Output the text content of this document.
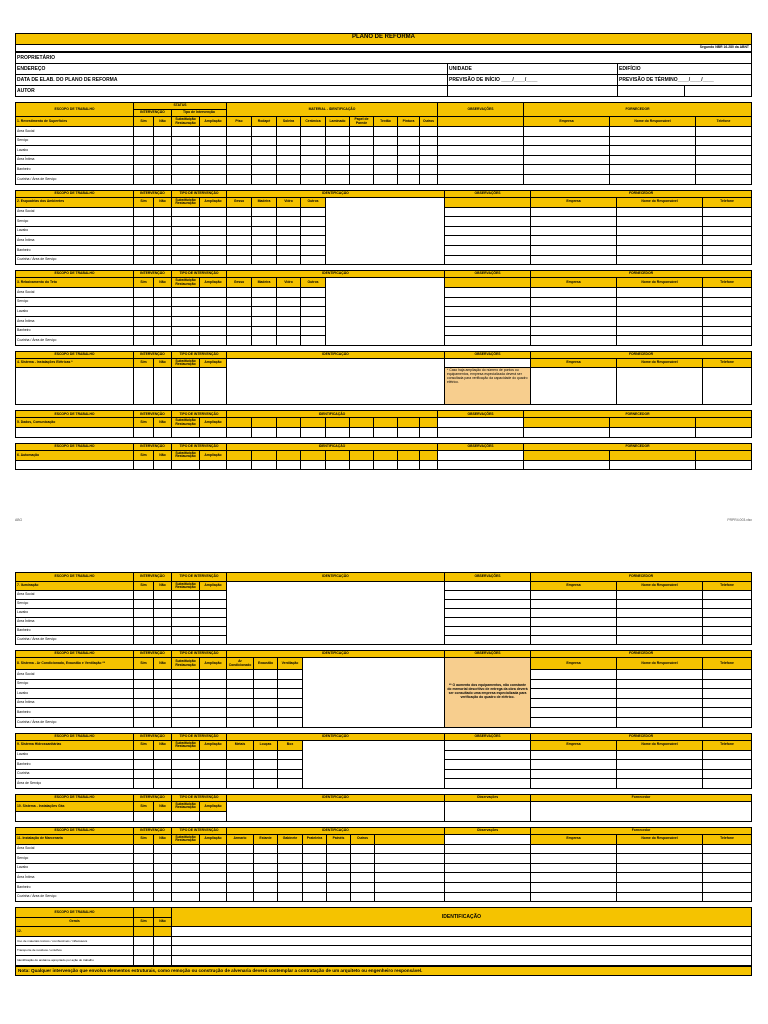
PLANO DE REFORMA
Segundo NBR 16.280 da ABNT
PROPRIETÁRIO			
ENDEREÇO	UNIDADE	EDIFÍCIO	
DATA DE ELAB. DO PLANO DE REFORMA	PREVISÃO DE INÍCIO ____/____/____	PREVISÃO DE TÉRMINO____/____/____	
AUTOR			
ESCOPO DE TRABALHO	STATUS				MATERIAL - IDENTIFICAÇÃO									OBSERVAÇÕES	FORNECEDOR		
	INTERVENÇÃO		Tipo de Intervenção														
1. Revestimento de Superfícies	Sim	Não	Substituição Restauração	Ampliação	Piso	Rodapé	Soleira	Cerâmica	Laminado	Papel de Parede	Textão	Pintura	Outros		Empresa	Nome do Responsável	Telefone
Área Social																	
Serviço																	
Lavabo																	
Área Íntima																	
Banheiro																	
Cozinha / Área de Serviço																	
ESCOPO DE TRABALHO	INTERVENÇÃO		TIPO DE INTERVENÇÃO		IDENTIFICAÇÃO					OBSERVAÇÕES	FORNECEDOR		
2. Esquadrias dos Ambientes	Sim	Não	Substituição Restauração	Ampliação	Gesso	Madeira	Vidro	Outros			Empresa	Nome do Responsável	Telefone
Área Social													
Serviço													
Lavabo													
Área Íntima													
Banheiro													
Cozinha / Área de Serviço													
ESCOPO DE TRABALHO	INTERVENÇÃO		TIPO DE INTERVENÇÃO		IDENTIFICAÇÃO					OBSERVAÇÕES	FORNECEDOR		
3. Rebaixamento do Teto	Sim	Não	Substituição Restauração	Ampliação	Gesso	Madeira	Vidro	Outros			Empresa	Nome do Responsável	Telefone
Área Social													
Serviço													
Lavabo													
Área Íntima													
Banheiro													
Cozinha / Área de Serviço													
ESCOPO DE TRABALHO	INTERVENÇÃO		TIPO DE INTERVENÇÃO		IDENTIFICAÇÃO	OBSERVAÇÕES	FORNECEDOR		
4. Sistema - Instalações Elétricas *	Sim	Não	Substituição Restauração	Ampliação			Empresa	Nome do Responsável	Telefone
						* Caso haja ampliação do número de pontos ou equipamentos, empresa especializada deverá ser consultada para verificação da capacidade do quadro elétrico.			
ESCOPO DE TRABALHO	INTERVENÇÃO		TIPO DE INTERVENÇÃO		IDENTIFICAÇÃO									OBSERVAÇÕES	FORNECEDOR		
5. Dados, Comunicação	Sim	Não	Substituição Restauração	Ampliação													

ESCOPO DE TRABALHO	INTERVENÇÃO		TIPO DE INTERVENÇÃO		IDENTIFICAÇÃO									OBSERVAÇÕES	FORNECEDOR		
6. Automação	Sim	Não	Substituição Restauração	Ampliação													

ABG	PRPR4.003.xlsx
ESCOPO DE TRABALHO	INTERVENÇÃO		TIPO DE INTERVENÇÃO		IDENTIFICAÇÃO	OBSERVAÇÕES	FORNECEDOR		
7. Iluminação	Sim	Não	Substituição Restauração	Ampliação			Empresa	Nome do Responsável	Telefone
Área Social									
Serviço									
Lavabo									
Área Íntima									
Banheiro									
Cozinha / Área de Serviço									
ESCOPO DE TRABALHO	INTERVENÇÃO		TIPO DE INTERVENÇÃO		IDENTIFICAÇÃO				OBSERVAÇÕES	FORNECEDOR		
8. Sistema - Ar Condicionado, Exaustão e Ventilação **	Sim	Não	Substituição Restauração	Ampliação	Ar Condicionado	Exaustão	Ventilação		** O aumento dos equipamentos, não constante do memorial descritivo de entrega da obra deverá ser consultado uma empresa especializada para verificação do quadro de elétrico.	Empresa	Nome do Responsável	Telefone
Área Social												
Serviço												
Lavabo												
Área Íntima												
Banheiro												
Cozinha / Área de Serviço												
ESCOPO DE TRABALHO	INTERVENÇÃO		TIPO DE INTERVENÇÃO		IDENTIFICAÇÃO				OBSERVAÇÕES	FORNECEDOR		
9. Sistema Hidrossanitárias	Sim	Não	Substituição Restauração	Ampliação	Metais	Louças	Box			Empresa	Nome do Responsável	Telefone
Lavabo												
Banheiro												
Cozinha												
Área de Serviço												
ESCOPO DE TRABALHO	INTERVENÇÃO		TIPO DE INTERVENÇÃO		IDENTIFICAÇÃO	Observações	Fornecedor
10. Sistema - Instalações Gás	Sim	Não	Substituição Restauração	Ampliação			

ESCOPO DE TRABALHO	INTERVENÇÃO		TIPO DE INTERVENÇÃO		IDENTIFICAÇÃO							Observações	Fornecedor		
11. Instalação de Marcenaria	Sim	Não	Substituição Restauração	Ampliação	Armario	Estante	Gabinete	Prateleira	Painéis	Outros			Empresa	Nome do Responsável	Telefone
Área Social															
Serviço															
Lavabo															
Área Íntima															
Banheiro															
Cozinha / Área de Serviço															
ESCOPO DE TRABALHO			IDENTIFICAÇÃO
Gerais	Sim	Não	
12.			
Uso de materiais tóxicos / combustíveis / inflamáveis			
Transporte de resíduos / entulhos			
Identificação do andaime apropriado por ação do trabalho			
Nota: Qualquer intervenção que envolva elementos estruturais, como remoção ou construção de alvenaria deverá contemplar a contratação de um arquiteto ou engenheiro responsável.
